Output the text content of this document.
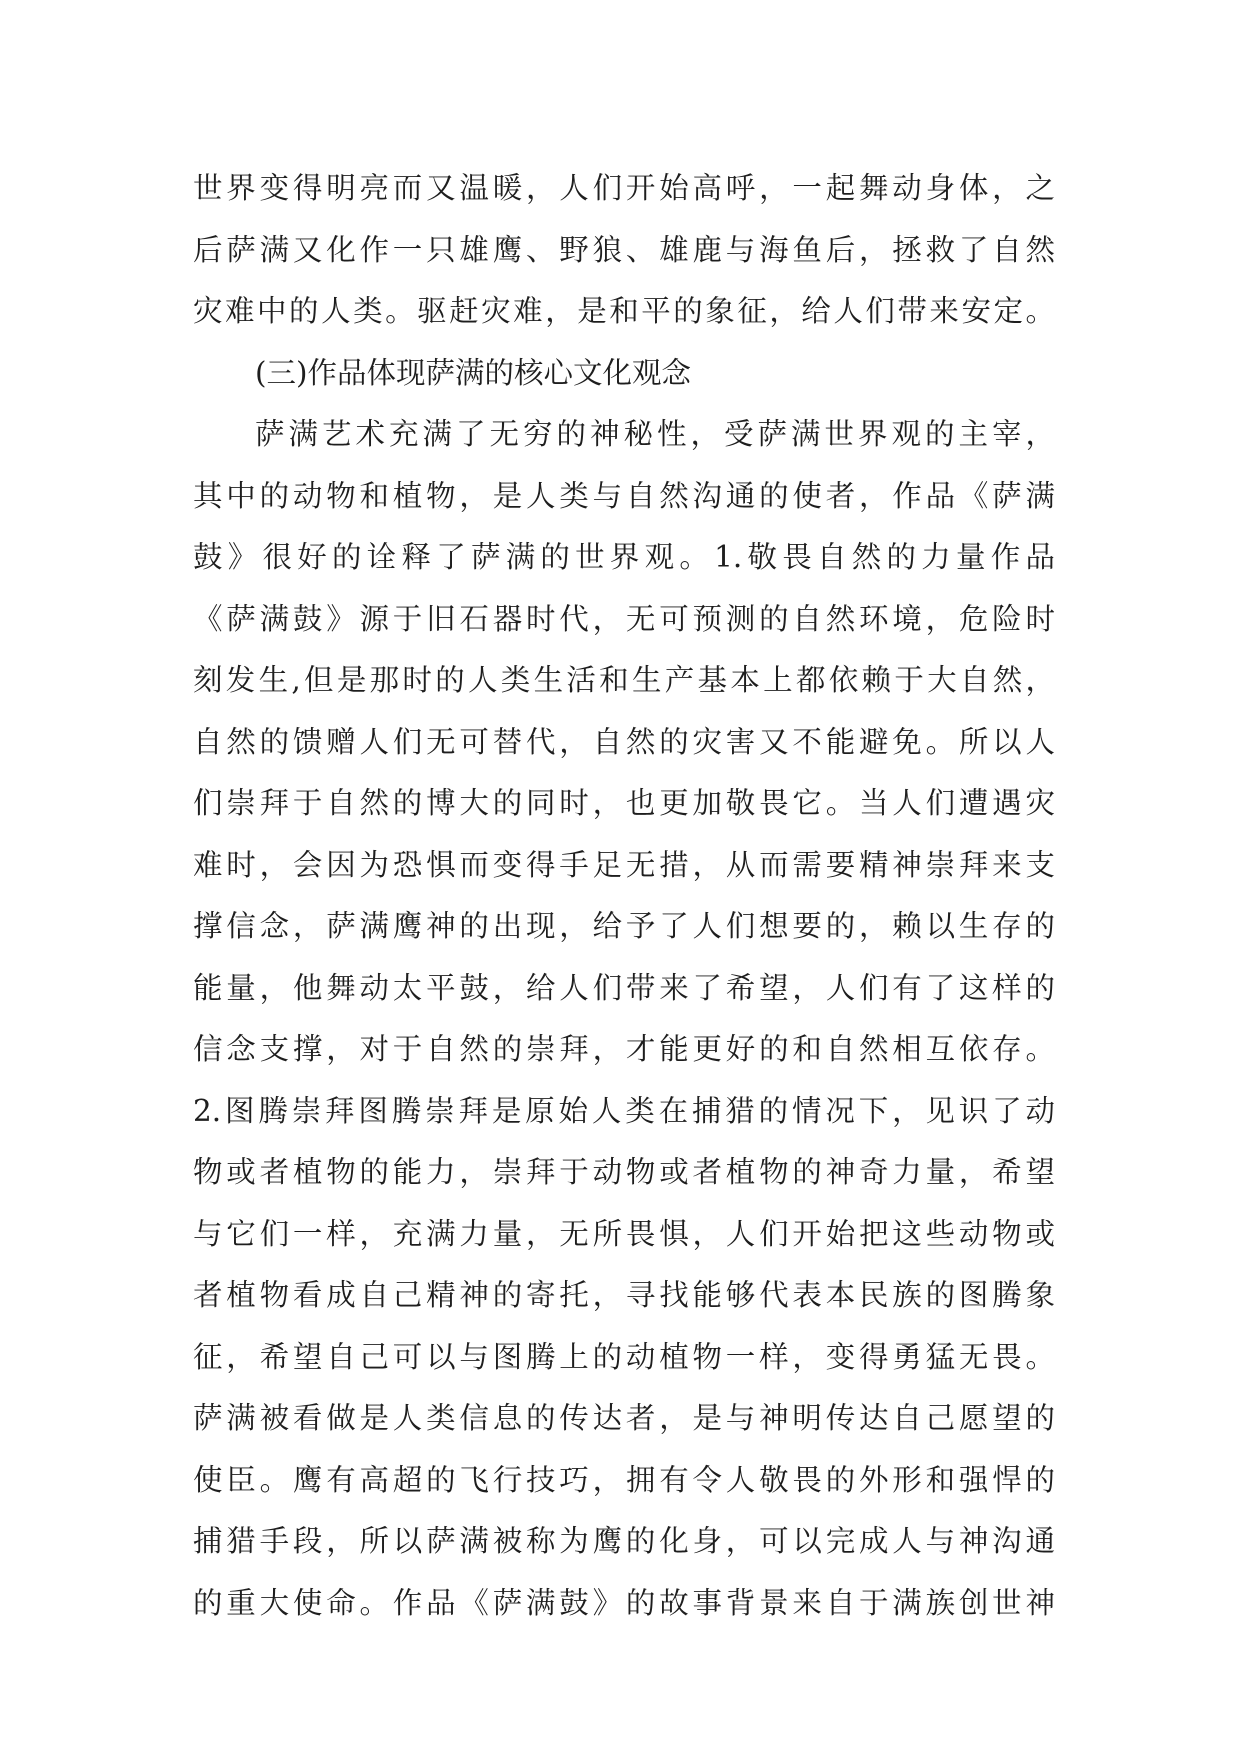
世界变得明亮而又温暖，人们开始高呼，一起舞动身体，之
后萨满又化作一只雄鹰、野狼、雄鹿与海鱼后，拯救了自然
灾难中的人类。驱赶灾难，是和平的象征，给人们带来安定。
(三)作品体现萨满的核心文化观念
萨满艺术充满了无穷的神秘性，受萨满世界观的主宰，
其中的动物和植物，是人类与自然沟通的使者，作品《萨满
鼓》很好的诠释了萨满的世界观。1.敬畏自然的力量作品
《萨满鼓》源于旧石器时代，无可预测的自然环境，危险时
刻发生,但是那时的人类生活和生产基本上都依赖于大自然，
自然的馈赠人们无可替代，自然的灾害又不能避免。所以人
们崇拜于自然的博大的同时，也更加敬畏它。当人们遭遇灾
难时，会因为恐惧而变得手足无措，从而需要精神崇拜来支
撑信念，萨满鹰神的出现，给予了人们想要的，赖以生存的
能量，他舞动太平鼓，给人们带来了希望，人们有了这样的
信念支撑，对于自然的崇拜，才能更好的和自然相互依存。
2.图腾崇拜图腾崇拜是原始人类在捕猎的情况下，见识了动
物或者植物的能力，崇拜于动物或者植物的神奇力量，希望
与它们一样，充满力量，无所畏惧，人们开始把这些动物或
者植物看成自己精神的寄托，寻找能够代表本民族的图腾象
征，希望自己可以与图腾上的动植物一样，变得勇猛无畏。
萨满被看做是人类信息的传达者，是与神明传达自己愿望的
使臣。鹰有高超的飞行技巧，拥有令人敬畏的外形和强悍的
捕猎手段，所以萨满被称为鹰的化身，可以完成人与神沟通
的重大使命。作品《萨满鼓》的故事背景来自于满族创世神
